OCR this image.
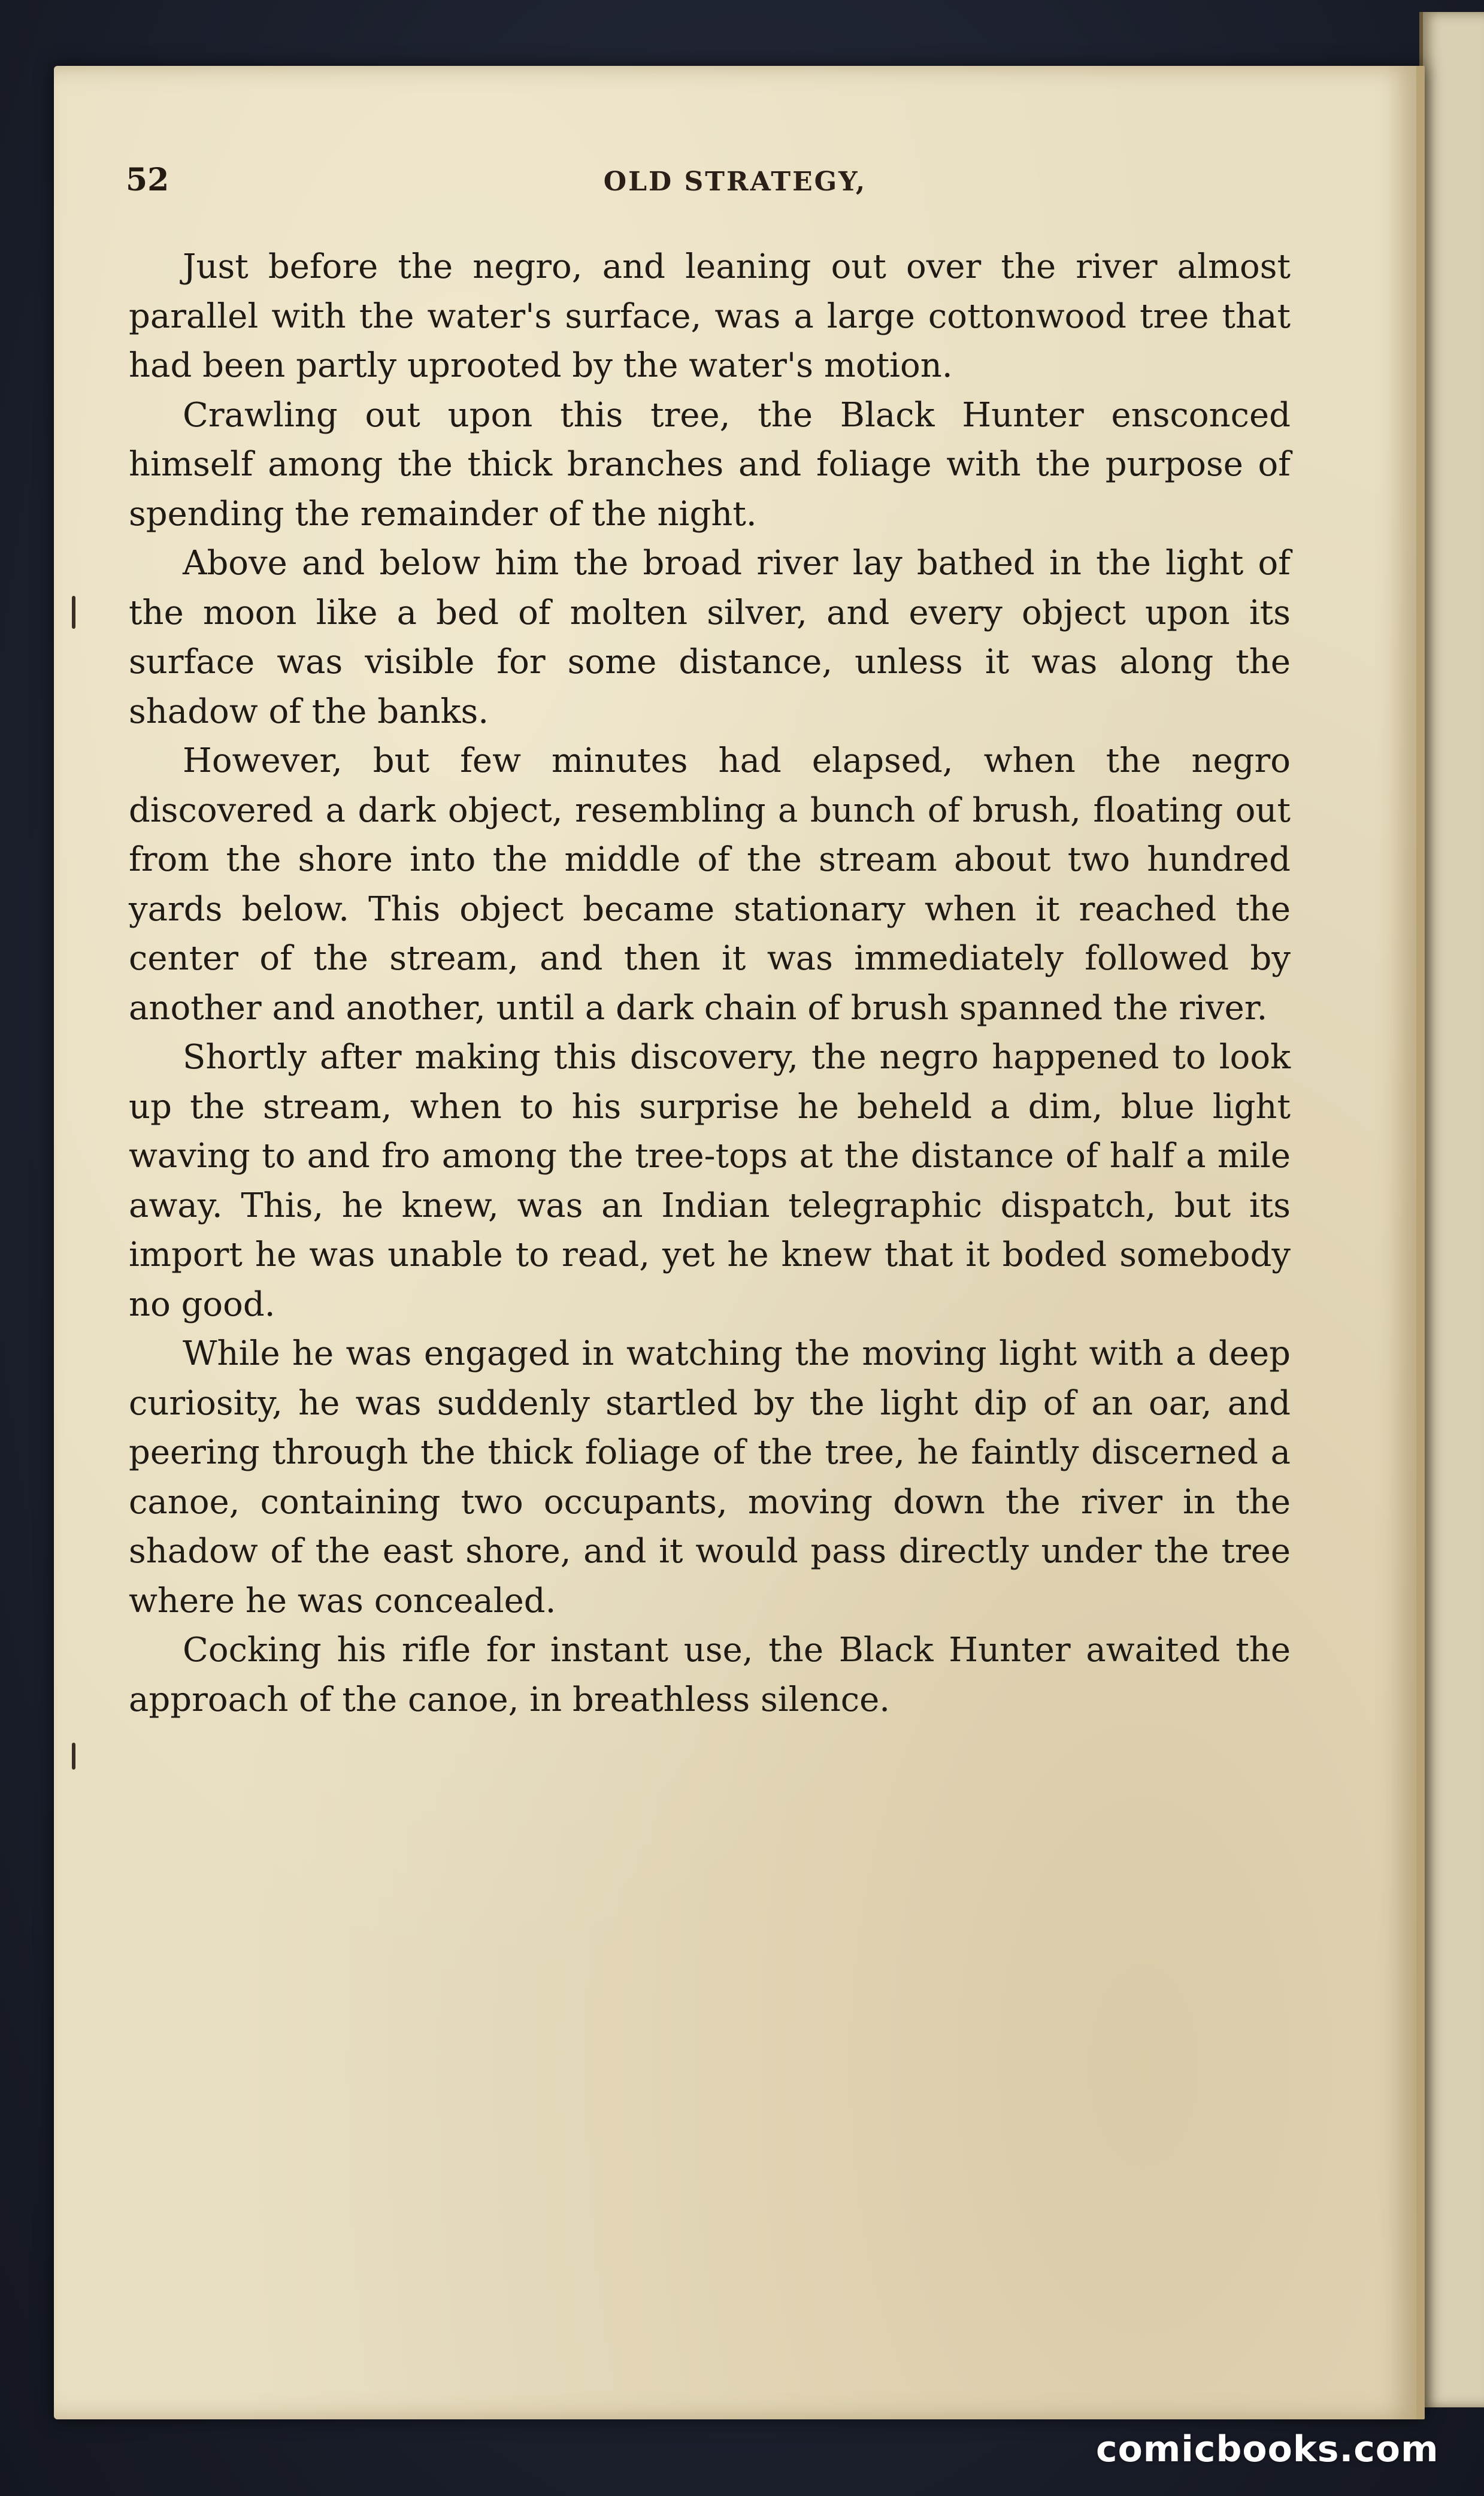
52	OLD STRATEGY,

Just before the negro, and leaning out over the river almost parallel with the water's surface, was a large cottonwood tree that had been partly uprooted by the water's motion.

Crawling out upon this tree, the Black Hunter ensconced himself among the thick branches and foliage with the purpose of spending the remainder of the night.

Above and below him the broad river lay bathed in the light of the moon like a bed of molten silver, and every object upon its surface was visible for some distance, unless it was along the shadow of the banks.

However, but few minutes had elapsed, when the negro discovered a dark object, resembling a bunch of brush, floating out from the shore into the middle of the stream about two hundred yards below. This object became stationary when it reached the center of the stream, and then it was immediately followed by another and another, until a dark chain of brush spanned the river.

Shortly after making this discovery, the negro happened to look up the stream, when to his surprise he beheld a dim, blue light waving to and fro among the tree-tops at the distance of half a mile away. This, he knew, was an Indian telegraphic dispatch, but its import he was unable to read, yet he knew that it boded somebody no good.

While he was engaged in watching the moving light with a deep curiosity, he was suddenly startled by the light dip of an oar, and peering through the thick foliage of the tree, he faintly discerned a canoe, containing two occupants, moving down the river in the shadow of the east shore, and it would pass directly under the tree where he was concealed.

Cocking his rifle for instant use, the Black Hunter awaited the approach of the canoe, in breathless silence.

comicbooks.com
